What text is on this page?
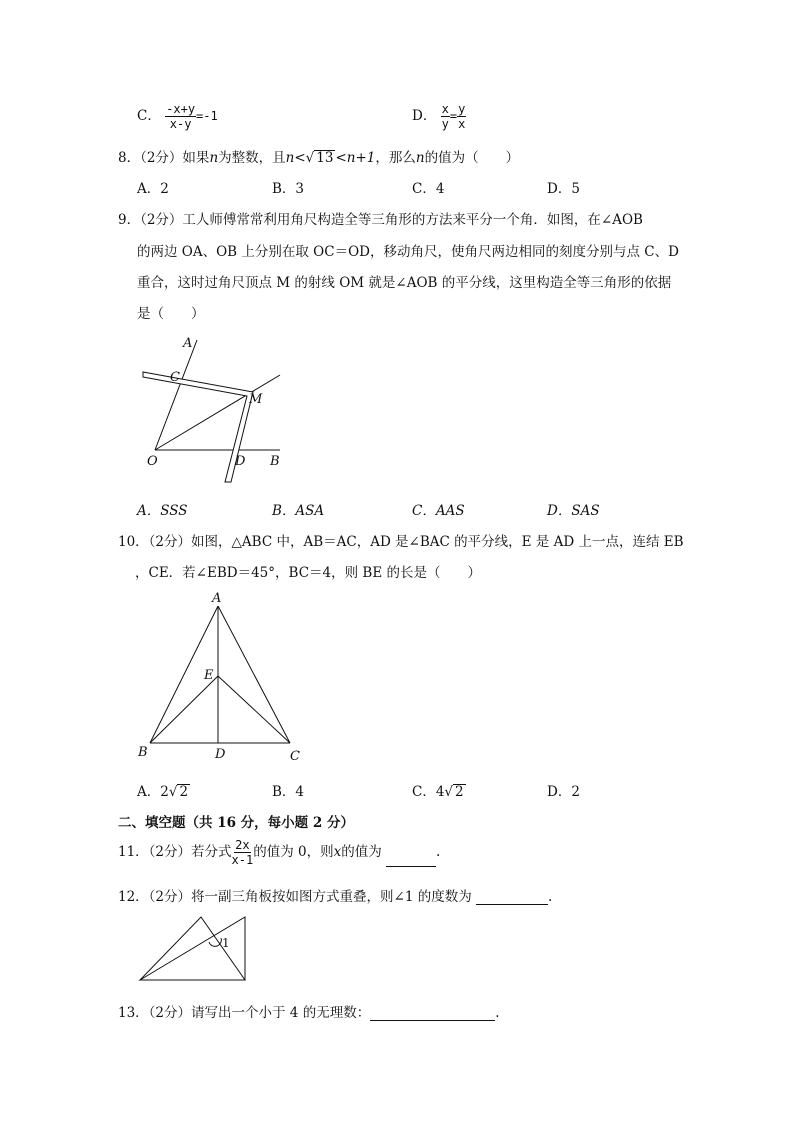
C． $\frac{-x+y}{x-y} =-1$	D． $\frac{x}{y} = \frac{y}{x}$
8．（2分）如果n为整数，且n<√ 13 <n+1，那么n的值为（　　）
A．2	B．3	C．4	D．5
9．（2分）工人师傅常常利用角尺构造全等三角形的方法来平分一个角．如图，在∠AOB
的两边 OA、OB 上分别在取 OC＝OD，移动角尺，使角尺两边相同的刻度分别与点 C、D
重合，这时过角尺顶点 M 的射线 OM 就是∠AOB 的平分线，这里构造全等三角形的依据
是（　　）
A
C
M
O	D B
A．SSS	B．ASA	C．AAS	D．SAS
10．（2分）如图，△ABC 中，AB＝AC，AD 是∠BAC 的平分线，E 是 AD 上一点，连结 EB
，CE．若∠EBD＝45°，BC＝4，则 BE 的长是（　　）
A
E
B	D	C
A．2√ 2	B．4	C．4√ 2	D．2
二、填空题（共 16 分，每小题 2 分）
11．（2分）若分式 $\frac{2x}{x-1}$ 的值为 0，则x的值为	.
12．（2分）将一副三角板按如图方式重叠，则∠1 的度数为	.
1
13．（2分）请写出一个小于 4 的无理数：	.
